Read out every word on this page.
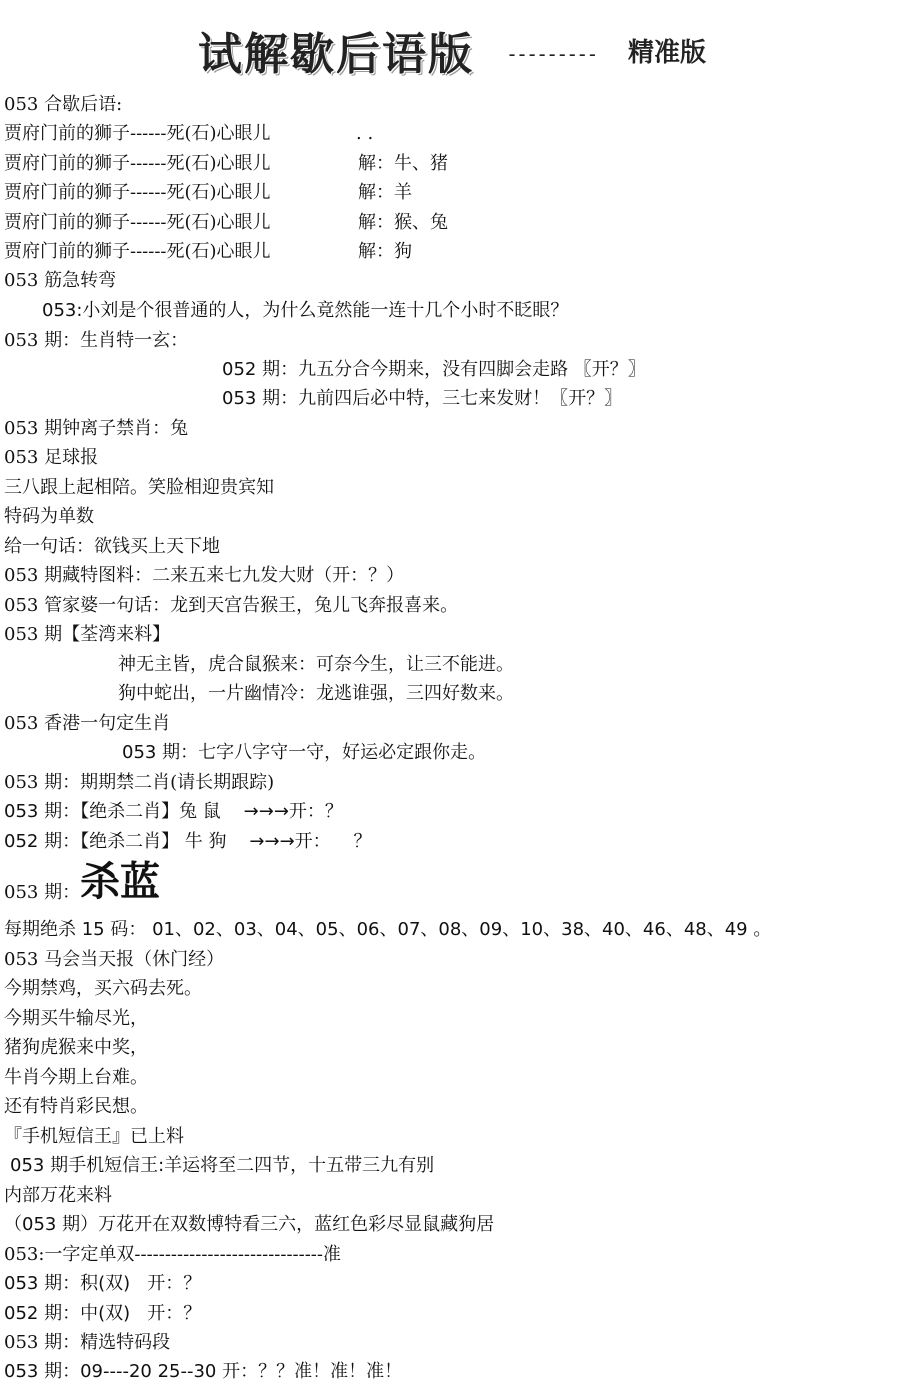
试解歇后语版 --------- 精准版
053 合歇后语:
贾府门前的狮子------死(石)心眼儿	. .
贾府门前的狮子------死(石)心眼儿	解：牛、猪
贾府门前的狮子------死(石)心眼儿	解：羊
贾府门前的狮子------死(石)心眼儿	解：猴、兔
贾府门前的狮子------死(石)心眼儿	解：狗
053 筋急转弯
053:小刘是个很普通的人，为什么竟然能一连十几个小时不眨眼？
053 期：生肖特一玄：
052 期：九五分合今期来，没有四脚会走路 〖开？〗
053 期：九前四后必中特，三七来发财！〖开？〗
053 期钟离子禁肖：兔
053 足球报
三八跟上起相陪。笑脸相迎贵宾知
特码为单数
给一句话：欲钱买上天下地
053 期藏特图料：二来五来七九发大财（开：？）
053 管家婆一句话：龙到天宫告猴王，兔儿飞奔报喜来。
053 期【荃湾来料】
神无主皆，虎合鼠猴来：可奈今生，让三不能进。
狗中蛇出，一片幽情冷：龙逃谁强，三四好数来。
053 香港一句定生肖
053 期：七字八字守一守，好运必定跟你走。
053 期：期期禁二肖(请长期跟踪)
053 期：【绝杀二肖】兔 鼠    →→→开：？
052 期：【绝杀二肖】 牛 狗    →→→开：    ？
053 期： 杀蓝
每期绝杀 15 码： 01、02、03、04、05、06、07、08、09、10、38、40、46、48、49 。
053 马会当天报（休门经）
今期禁鸡，买六码去死。
今期买牛输尽光，
猪狗虎猴来中奖，
牛肖今期上台难。
还有特肖彩民想。
『手机短信王』已上料
053 期手机短信王:羊运将至二四节，十五带三九有别
内部万花来料
（053 期）万花开在双数博特看三六，蓝红色彩尽显鼠藏狗居
053:一字定单双-------------------------------准
053 期：积(双)   开：？
052 期：中(双)   开：？
053 期：精选特码段
053 期：09----20 25--30 开：？？准！准！准！
